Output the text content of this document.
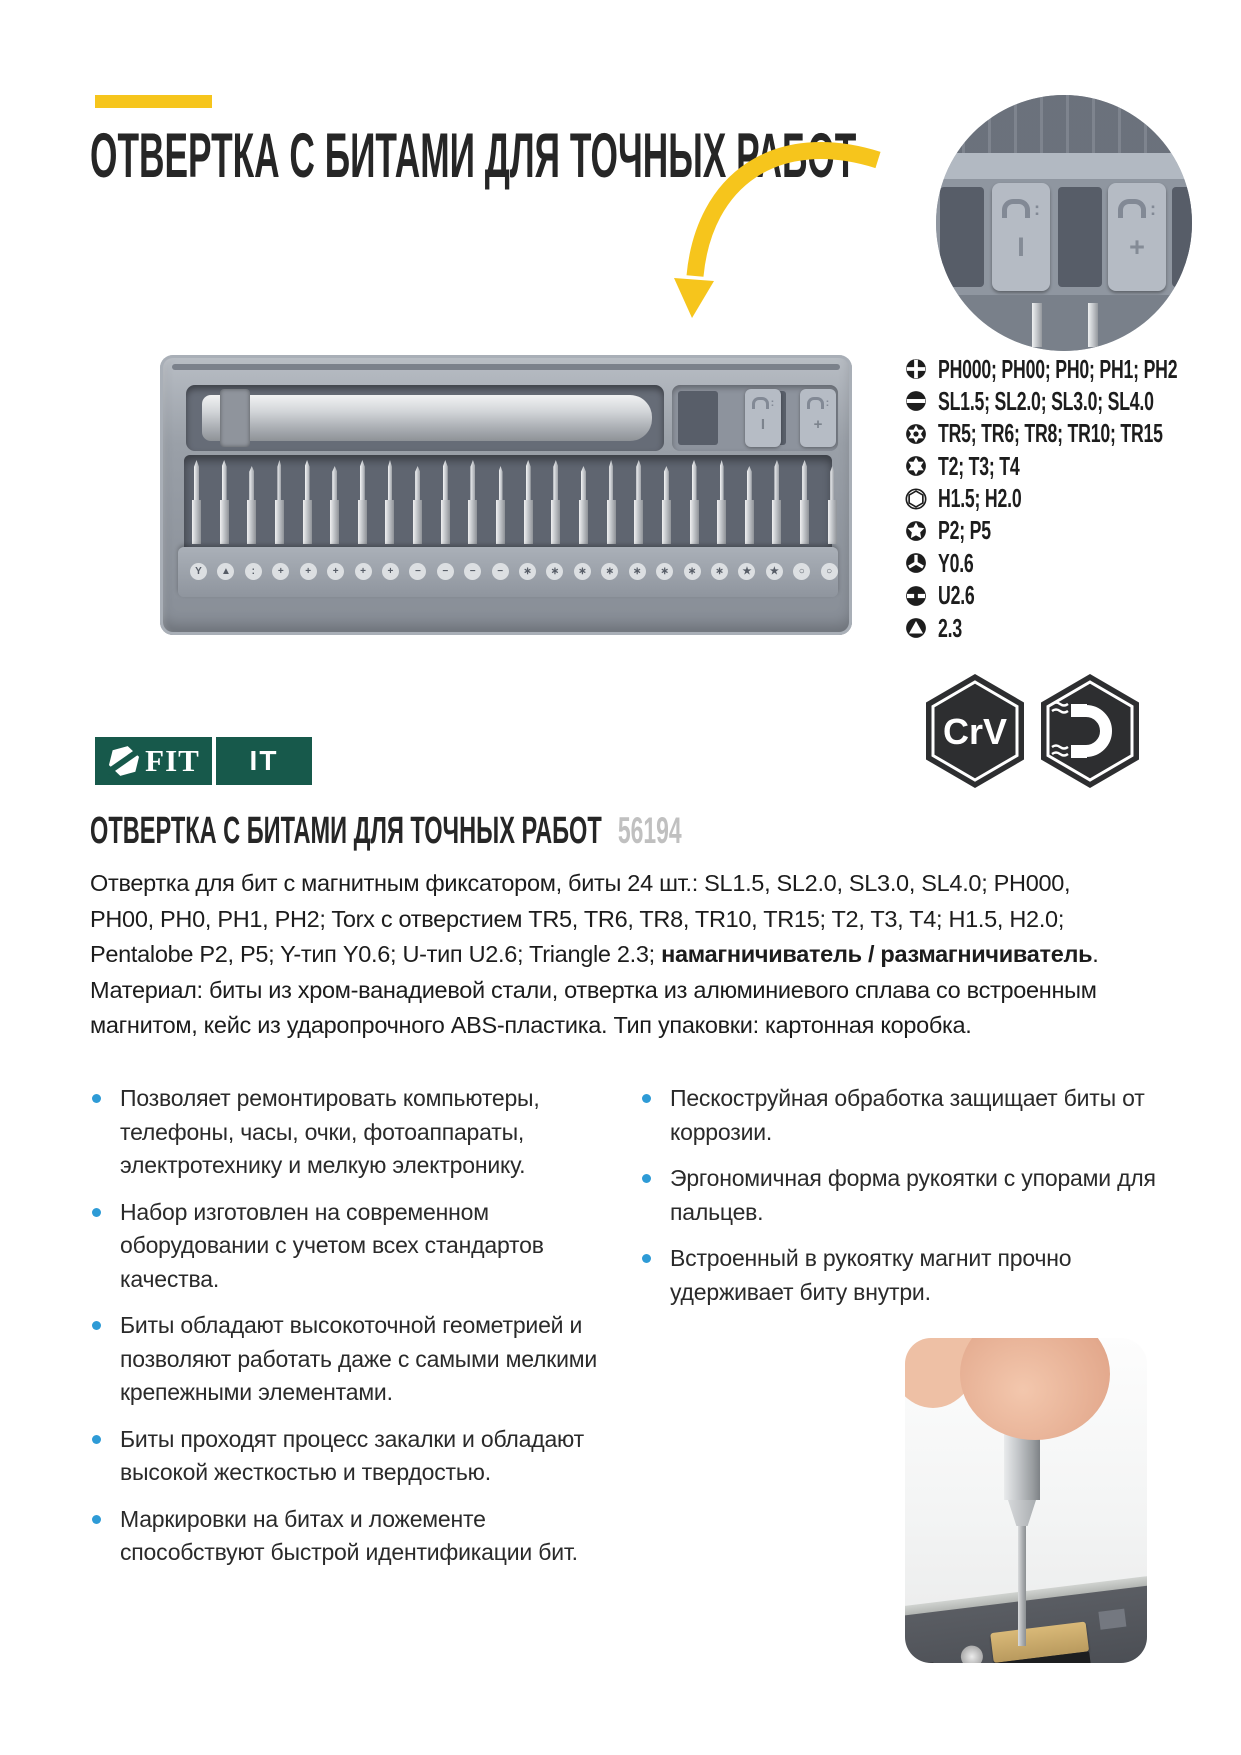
ОТВЕРТКА С БИТАМИ ДЛЯ ТОЧНЫХ РАБОТ
:
I
:
+
:
I
:
+
Y	▲	:	+	+	+	+	+	−	−	−	−	∗	∗	∗	∗	∗	∗	∗	∗	★	★	○	○
PH000; PH00; PH0; PH1; PH2
SL1.5; SL2.0; SL3.0; SL4.0
TR5; TR6; TR8; TR10; TR15
T2; T3; T4
H1.5; H2.0
P2; P5
Y0.6
U2.6
2.3
CrV
FIT	IT
ОТВЕРТКА С БИТАМИ ДЛЯ ТОЧНЫХ РАБОТ 56194

Отвертка для бит с магнитным фиксатором, биты 24 шт.: SL1.5, SL2.0, SL3.0, SL4.0; PH000, PH00, PH0, PH1, PH2; Torx с отверстием TR5, TR6, TR8, TR10, TR15; T2, T3, T4; H1.5, H2.0; Pentalobe P2, P5; Y-тип Y0.6; U-тип U2.6; Triangle 2.3; намагничиватель / размагничиватель. Материал: биты из хром-ванадиевой стали, отвертка из алюминиевого сплава со встроенным магнитом, кейс из ударопрочного ABS-пластика. Тип упаковки: картонная коробка.

Позволяет ремонтировать компьютеры, телефоны, часы, очки, фотоаппараты, электротехнику и мелкую электронику.
Набор изготовлен на современном оборудовании с учетом всех стандартов качества.
Биты обладают высокоточной геометрией и позволяют работать даже с самыми мелкими крепежными элементами.
Биты проходят процесс закалки и обладают высокой жесткостью и твердостью.
Маркировки на битах и ложементе способствуют быстрой идентификации бит.
Пескоструйная обработка защищает биты от коррозии.
Эргономичная форма рукоятки с упорами для пальцев.
Встроенный в рукоятку магнит прочно удерживает биту внутри.
